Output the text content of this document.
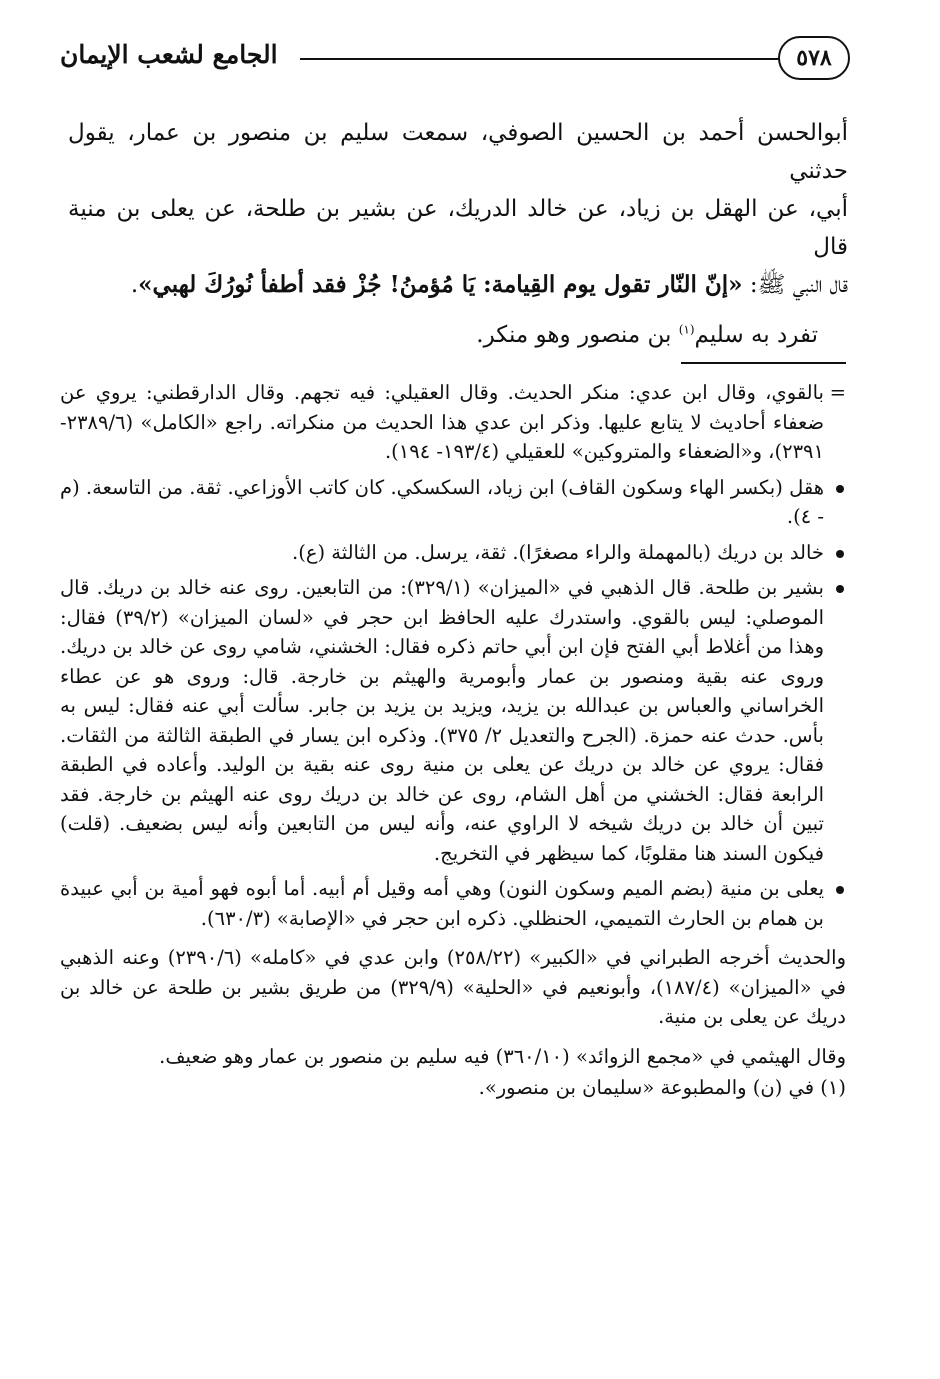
٥٧٨
الجامع لشعب الإيمان

أبوالحسن أحمد بن الحسين الصوفي، سمعت سليم بن منصور بن عمار، يقول حدثني

أبي، عن الهقل بن زياد، عن خالد الدريك، عن بشير بن طلحة، عن يعلى بن منية قال

قال النبي ﷺ: «إنّ النّار تقول يوم القِيامة: يَا مُؤمنُ! جُزْ فقد أطفأ نُورُكَ لهبي».

تفرد به سليم$^{(١)}$ بن منصور وهو منكر.

=
بالقوي، وقال ابن عدي: منكر الحديث. وقال العقيلي: فيه تجهم. وقال الدارقطني: يروي عن ضعفاء أحاديث لا يتابع عليها. وذكر ابن عدي هذا الحديث من منكراته. راجع «الكامل» (٢٣٨٩/٦- ٢٣٩١)، و«الضعفاء والمتروكين» للعقيلي (١٩٣/٤- ١٩٤).

هقل (بكسر الهاء وسكون القاف) ابن زياد، السكسكي. كان كاتب الأوزاعي. ثقة. من التاسعة. (م - ٤).

خالد بن دريك (بالمهملة والراء مصغرًا). ثقة، يرسل. من الثالثة (ع).

بشير بن طلحة. قال الذهبي في «الميزان» (٣٢٩/١): من التابعين. روى عنه خالد بن دريك. قال الموصلي: ليس بالقوي. واستدرك عليه الحافظ ابن حجر في «لسان الميزان» (٣٩/٢) فقال: وهذا من أغلاط أبي الفتح فإن ابن أبي حاتم ذكره فقال: الخشني، شامي روى عن خالد بن دريك. وروى عنه بقية ومنصور بن عمار وأبومرية والهيثم بن خارجة. قال: وروى هو عن عطاء الخراساني والعباس بن عبدالله بن يزيد، ويزيد بن يزيد بن جابر. سألت أبي عنه فقال: ليس به بأس. حدث عنه حمزة. (الجرح والتعديل ٢/ ٣٧٥). وذكره ابن يسار في الطبقة الثالثة من الثقات. فقال: يروي عن خالد بن دريك عن يعلى بن منية روى عنه بقية بن الوليد. وأعاده في الطبقة الرابعة فقال: الخشني من أهل الشام، روى عن خالد بن دريك روى عنه الهيثم بن خارجة. فقد تبين أن خالد بن دريك شيخه لا الراوي عنه، وأنه ليس من التابعين وأنه ليس بضعيف. (قلت) فيكون السند هنا مقلوبًا، كما سيظهر في التخريج.

يعلى بن منية (بضم الميم وسكون النون) وهي أمه وقيل أم أبيه. أما أبوه فهو أمية بن أبي عبيدة بن همام بن الحارث التميمي، الحنظلي. ذكره ابن حجر في «الإصابة» (٦٣٠/٣).

والحديث أخرجه الطبراني في «الكبير» (٢٥٨/٢٢) وابن عدي في «كامله» (٢٣٩٠/٦) وعنه الذهبي في «الميزان» (١٨٧/٤)، وأبونعيم في «الحلية» (٣٢٩/٩) من طريق بشير بن طلحة عن خالد بن دريك عن يعلى بن منية.

وقال الهيثمي في «مجمع الزوائد» (٣٦٠/١٠) فيه سليم بن منصور بن عمار وهو ضعيف.

(١) في (ن) والمطبوعة «سليمان بن منصور».
